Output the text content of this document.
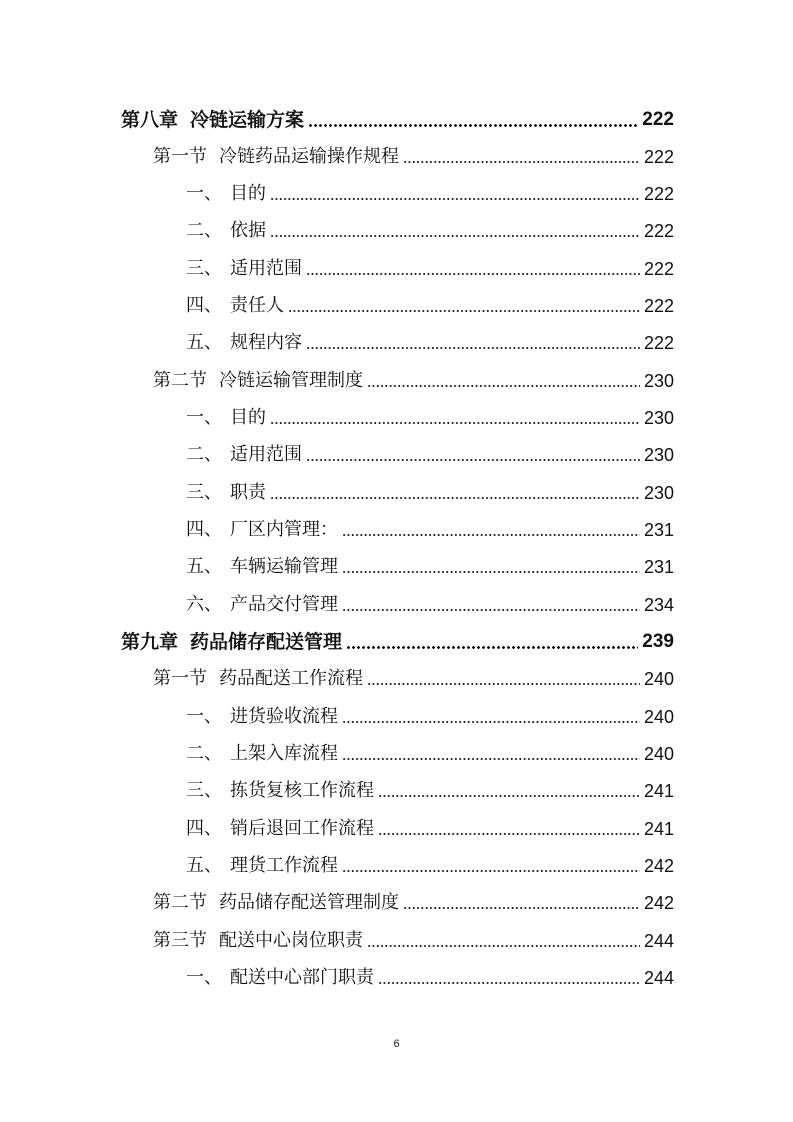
第八章 冷链运输方案	222
第一节 冷链药品运输操作规程	222
一、 目的	222
二、 依据	222
三、 适用范围	222
四、 责任人	222
五、 规程内容	222
第二节 冷链运输管理制度	230
一、 目的	230
二、 适用范围	230
三、 职责	230
四、 厂区内管理：	231
五、 车辆运输管理	231
六、 产品交付管理	234
第九章 药品储存配送管理	239
第一节 药品配送工作流程	240
一、 进货验收流程	240
二、 上架入库流程	240
三、 拣货复核工作流程	241
四、 销后退回工作流程	241
五、 理货工作流程	242
第二节 药品储存配送管理制度	242
第三节 配送中心岗位职责	244
一、 配送中心部门职责	244
6
